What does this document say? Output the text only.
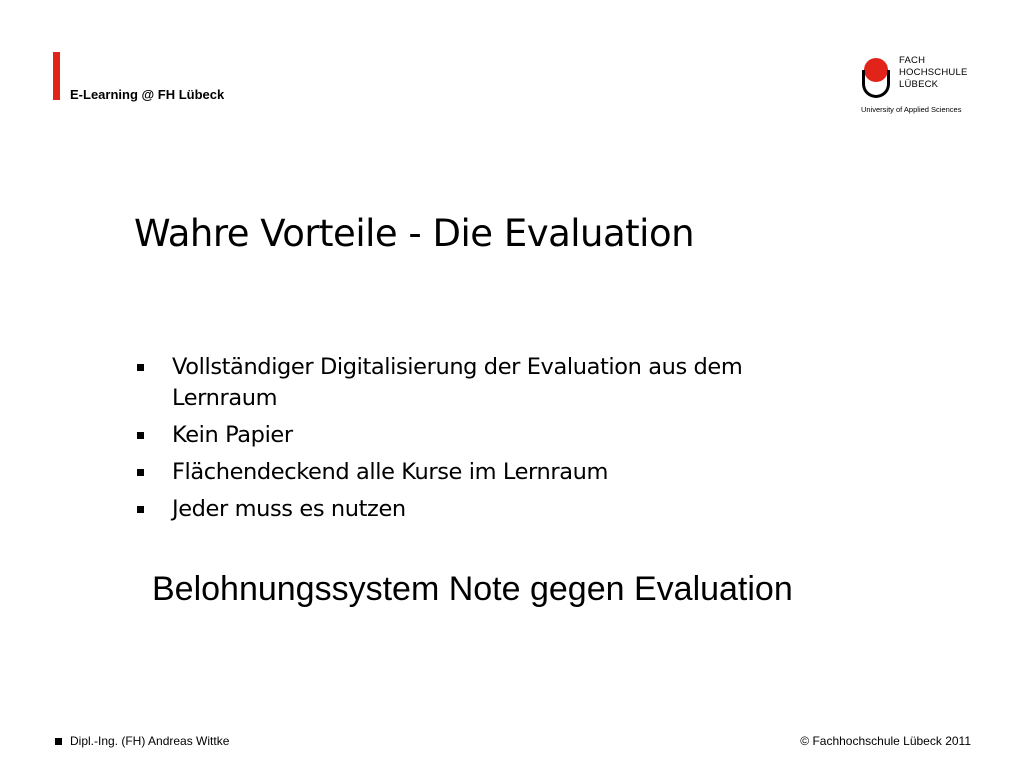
E-Learning @ FH Lübeck
FACH
HOCHSCHULE
LÜBECK
University of Applied Sciences
Wahre Vorteile - Die Evaluation
Vollständiger Digitalisierung der Evaluation aus dem Lernraum
Kein Papier
Flächendeckend alle Kurse im Lernraum
Jeder muss es nutzen
Belohnungssystem Note gegen Evaluation
Dipl.-Ing. (FH) Andreas Wittke	© Fachhochschule Lübeck 2011
